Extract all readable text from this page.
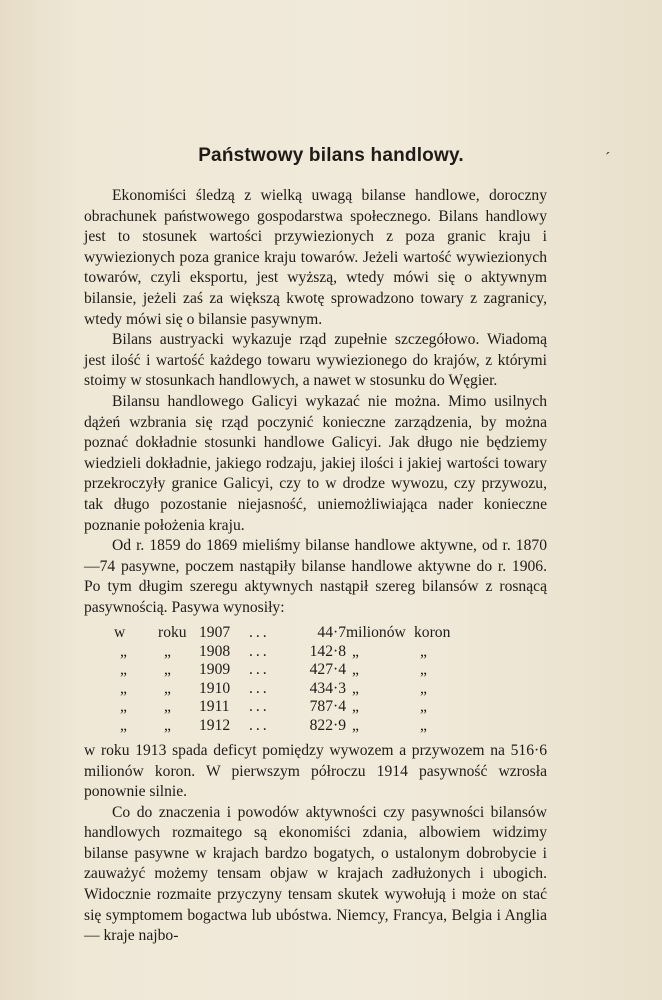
Państwowy bilans handlowy.	ˊ

Ekonomiści śledzą z wielką uwagą bilanse handlowe, doroczny obrachunek państwowego gospodarstwa społecznego. Bilans handlowy jest to stosunek wartości przywiezionych z poza granic kraju i wywiezionych poza granice kraju towarów. Jeżeli wartość wywiezionych towarów, czyli eksportu, jest wyższą, wtedy mówi się o aktywnym bilansie, jeżeli zaś za większą kwotę sprowadzono towary z zagranicy, wtedy mówi się o bilansie pasywnym.

Bilans austryacki wykazuje rząd zupełnie szczegółowo. Wiadomą jest ilość i wartość każdego towaru wywiezionego do krajów, z którymi stoimy w stosunkach handlowych, a nawet w stosunku do Węgier.

Bilansu handlowego Galicyi wykazać nie można. Mimo usilnych dążeń wzbrania się rząd poczynić konieczne zarządzenia, by można poznać dokładnie stosunki handlowe Galicyi. Jak długo nie będziemy wiedzieli dokładnie, jakiego rodzaju, jakiej ilości i jakiej wartości towary przekroczyły granice Galicyi, czy to w drodze wywozu, czy przywozu, tak długo pozostanie niejasność, uniemożliwiająca nader konieczne poznanie położenia kraju.

Od r. 1859 do 1869 mieliśmy bilanse handlowe aktywne, od r. 1870—74 pasywne, poczem nastąpiły bilanse handlowe aktywne do r. 1906. Po tym długim szeregu aktywnych nastąpił szereg bilansów z rosnącą pasywnością. Pasywa wynosiły:

w	roku	1907	...	44·7	milionów	koron
„	„	1908	...	142·8	„	„
„	„	1909	...	427·4	„	„
„	„	1910	...	434·3	„	„
„	„	1911	...	787·4	„	„
„	„	1912	...	822·9	„	„

w roku 1913 spada deficyt pomiędzy wywozem a przywozem na 516·6 milionów koron. W pierwszym półroczu 1914 pasywność wzrosła ponownie silnie.

Co do znaczenia i powodów aktywności czy pasywności bilansów handlowych rozmaitego są ekonomiści zdania, albowiem widzimy bilanse pasywne w krajach bardzo bogatych, o ustalonym dobrobycie i zauważyć możemy tensam objaw w krajach zadłużonych i ubogich. Widocznie rozmaite przyczyny tensam skutek wywołują i może on stać się symptomem bogactwa lub ubóstwa. Niemcy, Francya, Belgia i Anglia — kraje najbo-
